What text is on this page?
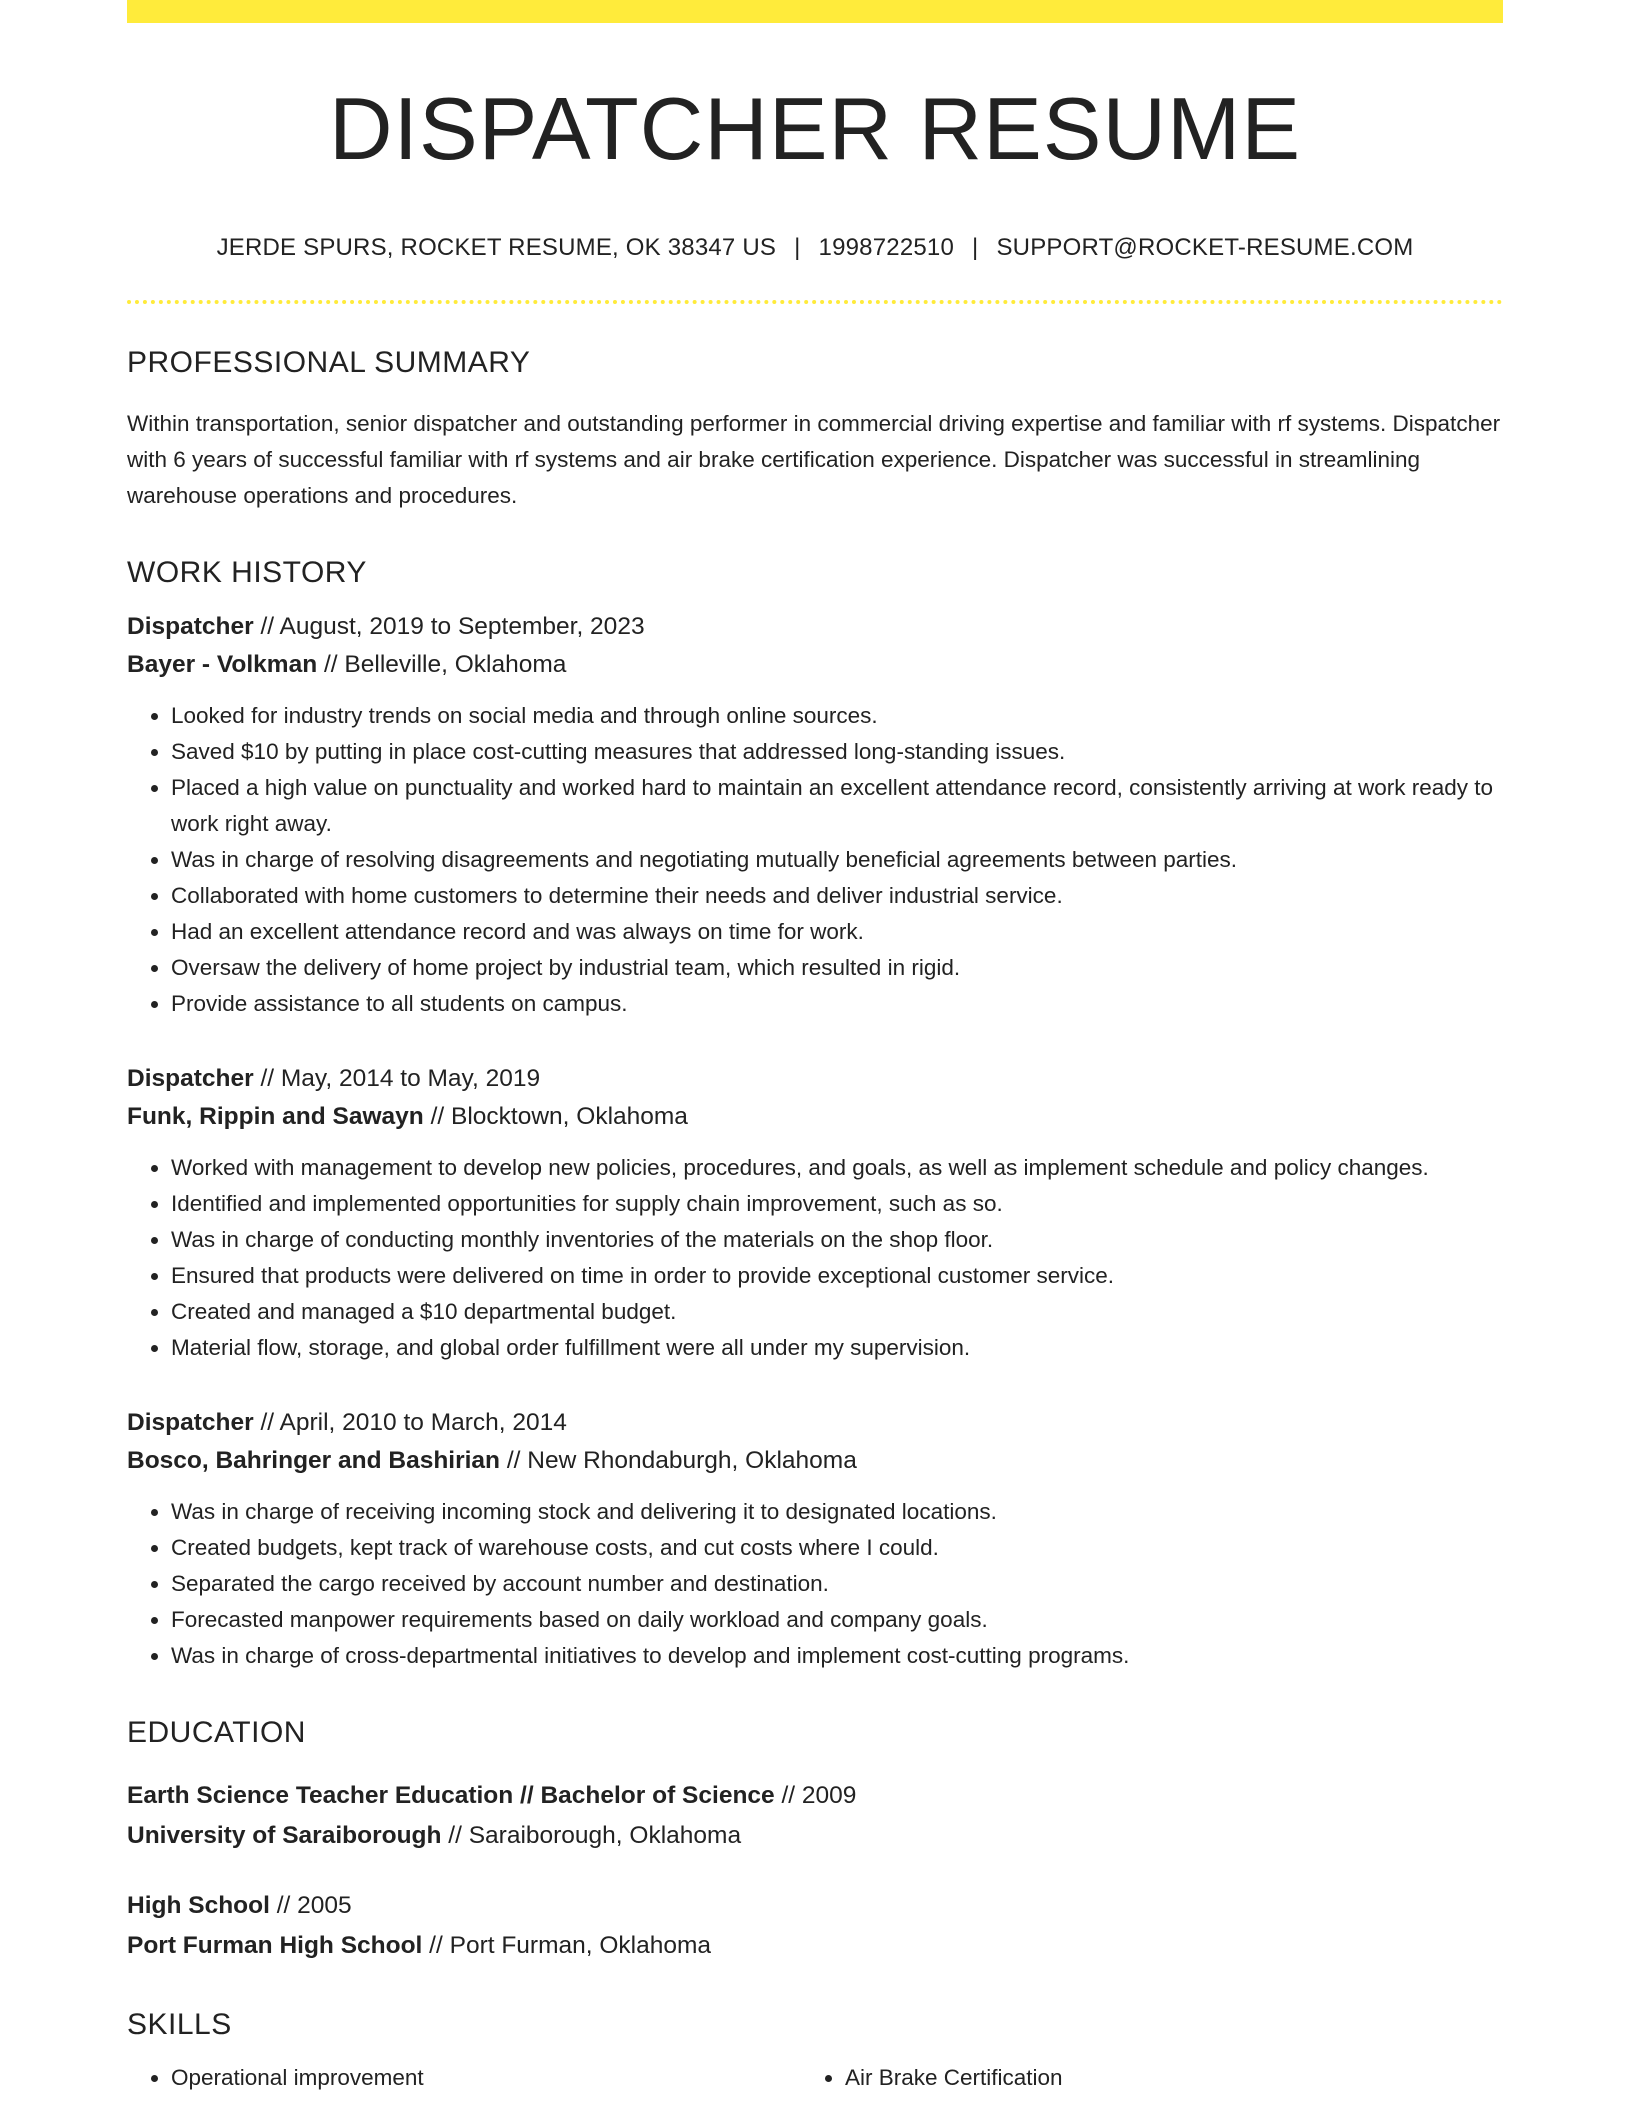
DISPATCHER RESUME
JERDE SPURS, ROCKET RESUME, OK 38347 US | 1998722510 | SUPPORT@ROCKET-RESUME.COM
PROFESSIONAL SUMMARY
Within transportation, senior dispatcher and outstanding performer in commercial driving expertise and familiar with rf systems. Dispatcher with 6 years of successful familiar with rf systems and air brake certification experience. Dispatcher was successful in streamlining warehouse operations and procedures.
WORK HISTORY
Dispatcher // August, 2019 to September, 2023
Bayer - Volkman // Belleville, Oklahoma
• Looked for industry trends on social media and through online sources.
• Saved $10 by putting in place cost-cutting measures that addressed long-standing issues.
• Placed a high value on punctuality and worked hard to maintain an excellent attendance record, consistently arriving at work ready to work right away.
• Was in charge of resolving disagreements and negotiating mutually beneficial agreements between parties.
• Collaborated with home customers to determine their needs and deliver industrial service.
• Had an excellent attendance record and was always on time for work.
• Oversaw the delivery of home project by industrial team, which resulted in rigid.
• Provide assistance to all students on campus.
Dispatcher // May, 2014 to May, 2019
Funk, Rippin and Sawayn // Blocktown, Oklahoma
• Worked with management to develop new policies, procedures, and goals, as well as implement schedule and policy changes.
• Identified and implemented opportunities for supply chain improvement, such as so.
• Was in charge of conducting monthly inventories of the materials on the shop floor.
• Ensured that products were delivered on time in order to provide exceptional customer service.
• Created and managed a $10 departmental budget.
• Material flow, storage, and global order fulfillment were all under my supervision.
Dispatcher // April, 2010 to March, 2014
Bosco, Bahringer and Bashirian // New Rhondaburgh, Oklahoma
• Was in charge of receiving incoming stock and delivering it to designated locations.
• Created budgets, kept track of warehouse costs, and cut costs where I could.
• Separated the cargo received by account number and destination.
• Forecasted manpower requirements based on daily workload and company goals.
• Was in charge of cross-departmental initiatives to develop and implement cost-cutting programs.
EDUCATION
Earth Science Teacher Education // Bachelor of Science // 2009
University of Saraiborough // Saraiborough, Oklahoma
High School // 2005
Port Furman High School // Port Furman, Oklahoma
SKILLS
• Operational improvement
•	Air Brake Certification
